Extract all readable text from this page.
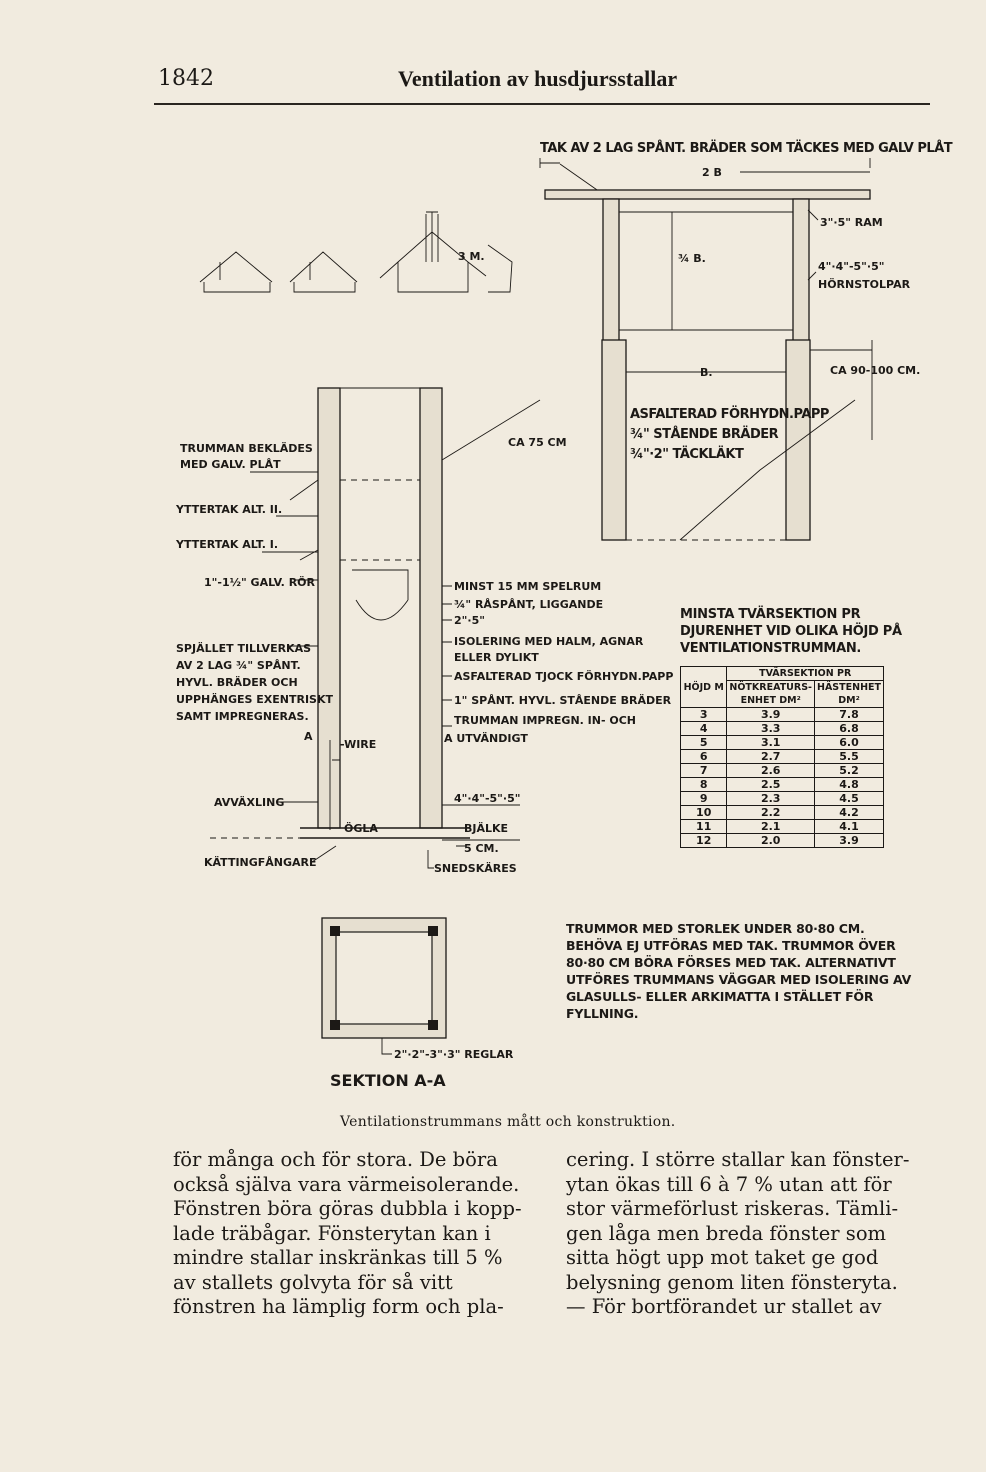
1842	Ventilation av husdjursstallar
3 M.
TAK AV 2 LAG SPÅNT. BRÄDER SOM TÄCKES MED GALV PLÅT
2 B
¾ B.
3"·5" RAM
4"·4"-5"·5"
HÖRNSTOLPAR
B.	CA 90-100 CM.
ASFALTERAD FÖRHYDN.PAPP
¾" STÅENDE BRÄDER
¾"·2" TÄCKLÄKT
CA 75 CM
TRUMMAN BEKLÄDES
MED GALV. PLÅT
YTTERTAK ALT. II.
YTTERTAK ALT. I.
1"-1½" GALV. RÖR
SPJÄLLET TILLVERKAS
AV 2 LAG ¾" SPÅNT.
HYVL. BRÄDER OCH
UPPHÄNGES EXENTRISKT
SAMT IMPREGNERAS.
A
-WIRE
AVVÄXLING
ÖGLA
KÄTTINGFÅNGARE
MINST 15 MM SPELRUM
¾" RÅSPÅNT, LIGGANDE
2"·5"
ISOLERING MED HALM, AGNAR
ELLER DYLIKT
ASFALTERAD TJOCK FÖRHYDN.PAPP
1" SPÅNT. HYVL. STÅENDE BRÄDER
TRUMMAN IMPREGN. IN- OCH
A UTVÄNDIGT
4"·4"-5"·5"
BJÄLKE
5 CM.
SNEDSKÄRES
2"·2"-3"·3" REGLAR
SEKTION A-A
MINSTA TVÄRSEKTION PR DJURENHET VID OLIKA HÖJD PÅ VENTILATIONSTRUMMAN.
HÖJD M	TVÄRSEKTION PR	
	NÖTKREATURS-ENHET DM²	HÄSTENHET DM²
3	3.9	7.8
4	3.3	6.8
5	3.1	6.0
6	2.7	5.5
7	2.6	5.2
8	2.5	4.8
9	2.3	4.5
10	2.2	4.2
11	2.1	4.1
12	2.0	3.9
TRUMMOR MED STORLEK UNDER 80·80 CM. BEHÖVA EJ UTFÖRAS MED TAK. TRUMMOR ÖVER 80·80 CM BÖRA FÖRSES MED TAK. ALTERNATIVT UTFÖRES TRUMMANS VÄGGAR MED ISOLERING AV GLASULLS- ELLER ARKIMATTA I STÄLLET FÖR FYLLNING.
Ventilationstrummans mått och konstruktion.

för många och för stora. De böra
också själva vara värmeisolerande.
Fönstren böra göras dubbla i kopp-
lade träbågar. Fönsterytan kan i
mindre stallar inskränkas till 5 %
av stallets golvyta för så vitt
fönstren ha lämplig form och pla-

cering. I större stallar kan fönster-
ytan ökas till 6 à 7 % utan att för
stor värmeförlust riskeras. Tämli-
gen låga men breda fönster som
sitta högt upp mot taket ge god
belysning genom liten fönsteryta.
— För bortförandet ur stallet av
